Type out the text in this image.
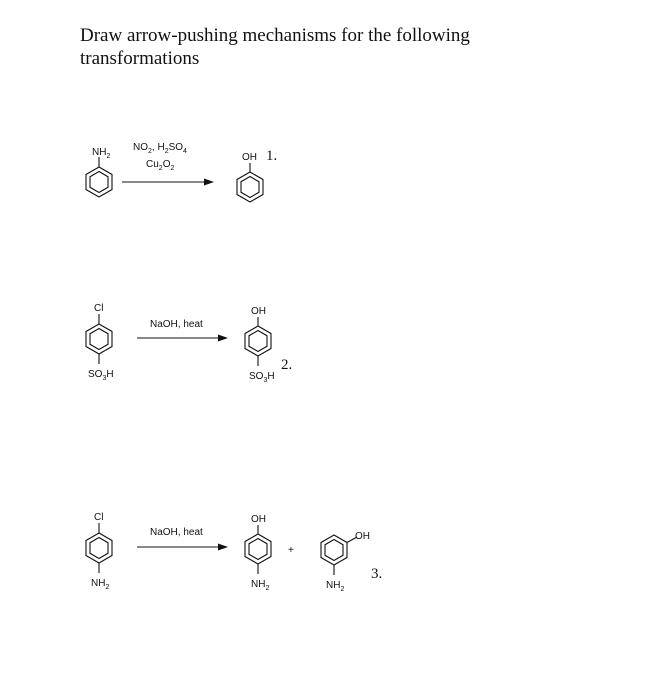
Draw arrow-pushing mechanisms for the following
transformations
$NH_2$
$NO_2$, $H_2SO_4$
$Cu_2O_2$
OH 1.
Cl
$SO_3H$
NaOH, heat
OH
$SO_3H$
2.
Cl
$NH_2$
NaOH, heat
OH
$NH_2$
+
OH
$NH_2$
3.
